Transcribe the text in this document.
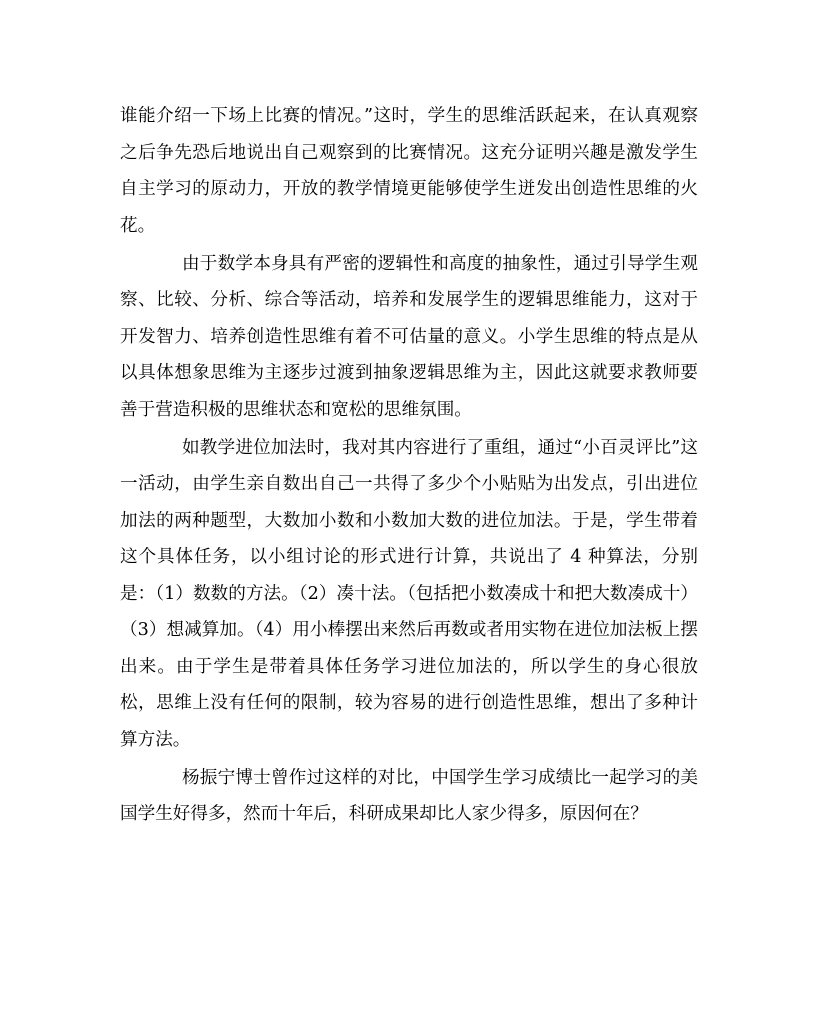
谁能介绍一下场上比赛的情况。”这时，学生的思维活跃起来，在认真观察之后争先恐后地说出自己观察到的比赛情况。这充分证明兴趣是激发学生自主学习的原动力，开放的教学情境更能够使学生迸发出创造性思维的火花。

由于数学本身具有严密的逻辑性和高度的抽象性，通过引导学生观察、比较、分析、综合等活动，培养和发展学生的逻辑思维能力，这对于开发智力、培养创造性思维有着不可估量的意义。小学生思维的特点是从以具体想象思维为主逐步过渡到抽象逻辑思维为主，因此这就要求教师要善于营造积极的思维状态和宽松的思维氛围。

如教学进位加法时，我对其内容进行了重组，通过“小百灵评比”这一活动，由学生亲自数出自己一共得了多少个小贴贴为出发点，引出进位加法的两种题型，大数加小数和小数加大数的进位加法。于是，学生带着这个具体任务，以小组讨论的形式进行计算，共说出了 4 种算法，分别是：（1）数数的方法。（2）凑十法。（包括把小数凑成十和把大数凑成十）（3）想减算加。（4）用小棒摆出来然后再数或者用实物在进位加法板上摆出来。由于学生是带着具体任务学习进位加法的，所以学生的身心很放松，思维上没有任何的限制，较为容易的进行创造性思维，想出了多种计算方法。

杨振宁博士曾作过这样的对比，中国学生学习成绩比一起学习的美国学生好得多，然而十年后，科研成果却比人家少得多，原因何在？
